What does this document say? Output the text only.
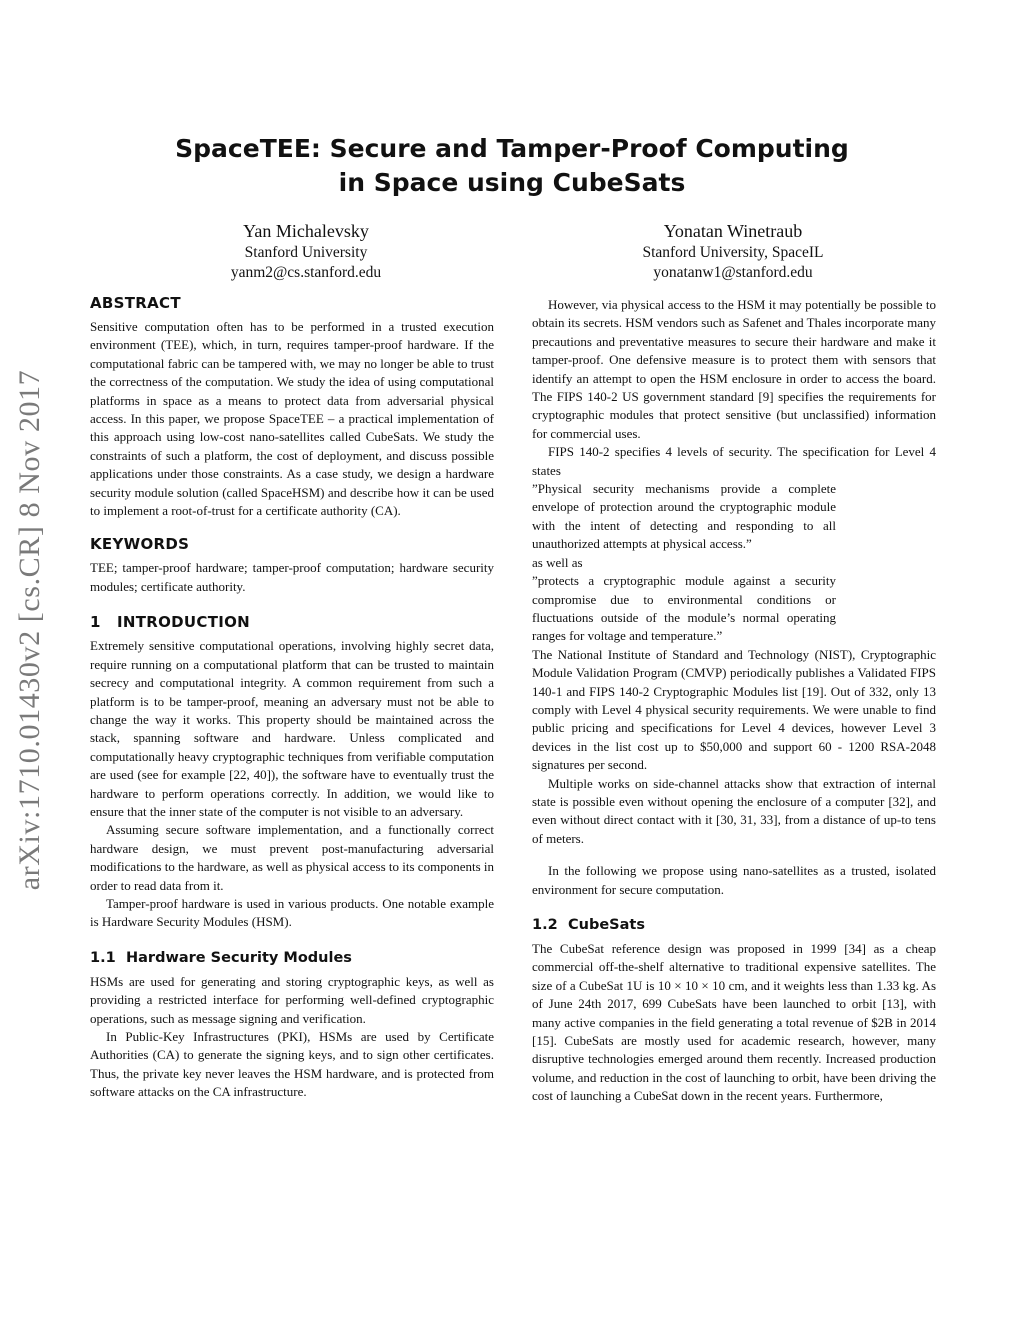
arXiv:1710.01430v2 [cs.CR] 8 Nov 2017
SpaceTEE: Secure and Tamper-Proof Computing
in Space using CubeSats
Yan Michalevsky
Stanford University
yanm2@cs.stanford.edu
Yonatan Winetraub
Stanford University, SpaceIL
yonatanw1@stanford.edu
ABSTRACT

Sensitive computation often has to be performed in a trusted execution environment (TEE), which, in turn, requires tamper-proof hardware. If the computational fabric can be tampered with, we may no longer be able to trust the correctness of the computation. We study the idea of using computational platforms in space as a means to protect data from adversarial physical access. In this paper, we propose SpaceTEE – a practical implementation of this approach using low-cost nano-satellites called CubeSats. We study the constraints of such a platform, the cost of deployment, and discuss possible applications under those constraints. As a case study, we design a hardware security module solution (called SpaceHSM) and describe how it can be used to implement a root-of-trust for a certificate authority (CA).

KEYWORDS

TEE; tamper-proof hardware; tamper-proof computation; hardware security modules; certificate authority.

1 INTRODUCTION

Extremely sensitive computational operations, involving highly secret data, require running on a computational platform that can be trusted to maintain secrecy and computational integrity. A common requirement from such a platform is to be tamper-proof, meaning an adversary must not be able to change the way it works. This property should be maintained across the stack, spanning software and hardware. Unless complicated and computationally heavy cryptographic techniques from verifiable computation are used (see for example [22, 40]), the software have to eventually trust the hardware to perform operations correctly. In addition, we would like to ensure that the inner state of the computer is not visible to an adversary.

Assuming secure software implementation, and a functionally correct hardware design, we must prevent post-manufacturing adversarial modifications to the hardware, as well as physical access to its components in order to read data from it.

Tamper-proof hardware is used in various products. One notable example is Hardware Security Modules (HSM).

1.1 Hardware Security Modules

HSMs are used for generating and storing cryptographic keys, as well as providing a restricted interface for performing well-defined cryptographic operations, such as message signing and verification.

In Public-Key Infrastructures (PKI), HSMs are used by Certificate Authorities (CA) to generate the signing keys, and to sign other certificates. Thus, the private key never leaves the HSM hardware, and is protected from software attacks on the CA infrastructure.

However, via physical access to the HSM it may potentially be possible to obtain its secrets. HSM vendors such as Safenet and Thales incorporate many precautions and preventative measures to secure their hardware and make it tamper-proof. One defensive measure is to protect them with sensors that identify an attempt to open the HSM enclosure in order to access the board. The FIPS 140-2 US government standard [9] specifies the requirements for cryptographic modules that protect sensitive (but unclassified) information for commercial uses.

FIPS 140-2 specifies 4 levels of security. The specification for Level 4 states

”Physical security mechanisms provide a complete envelope of protection around the cryptographic module with the intent of detecting and responding to all unauthorized attempts at physical access.”

as well as

”protects a cryptographic module against a security compromise due to environmental conditions or fluctuations outside of the module’s normal operating ranges for voltage and temperature.”

The National Institute of Standard and Technology (NIST), Cryptographic Module Validation Program (CMVP) periodically publishes a Validated FIPS 140-1 and FIPS 140-2 Cryptographic Modules list [19]. Out of 332, only 13 comply with Level 4 physical security requirements. We were unable to find public pricing and specifications for Level 4 devices, however Level 3 devices in the list cost up to $50,000 and support 60 - 1200 RSA-2048 signatures per second.

Multiple works on side-channel attacks show that extraction of internal state is possible even without opening the enclosure of a computer [32], and even without direct contact with it [30, 31, 33], from a distance of up-to tens of meters.

In the following we propose using nano-satellites as a trusted, isolated environment for secure computation.

1.2 CubeSats

The CubeSat reference design was proposed in 1999 [34] as a cheap commercial off-the-shelf alternative to traditional expensive satellites. The size of a CubeSat 1U is 10 × 10 × 10 cm, and it weights less than 1.33 kg. As of June 24th 2017, 699 CubeSats have been launched to orbit [13], with many active companies in the field generating a total revenue of $2B in 2014 [15]. CubeSats are mostly used for academic research, however, many disruptive technologies emerged around them recently. Increased production volume, and reduction in the cost of launching to orbit, have been driving the cost of launching a CubeSat down in the recent years. Furthermore,
